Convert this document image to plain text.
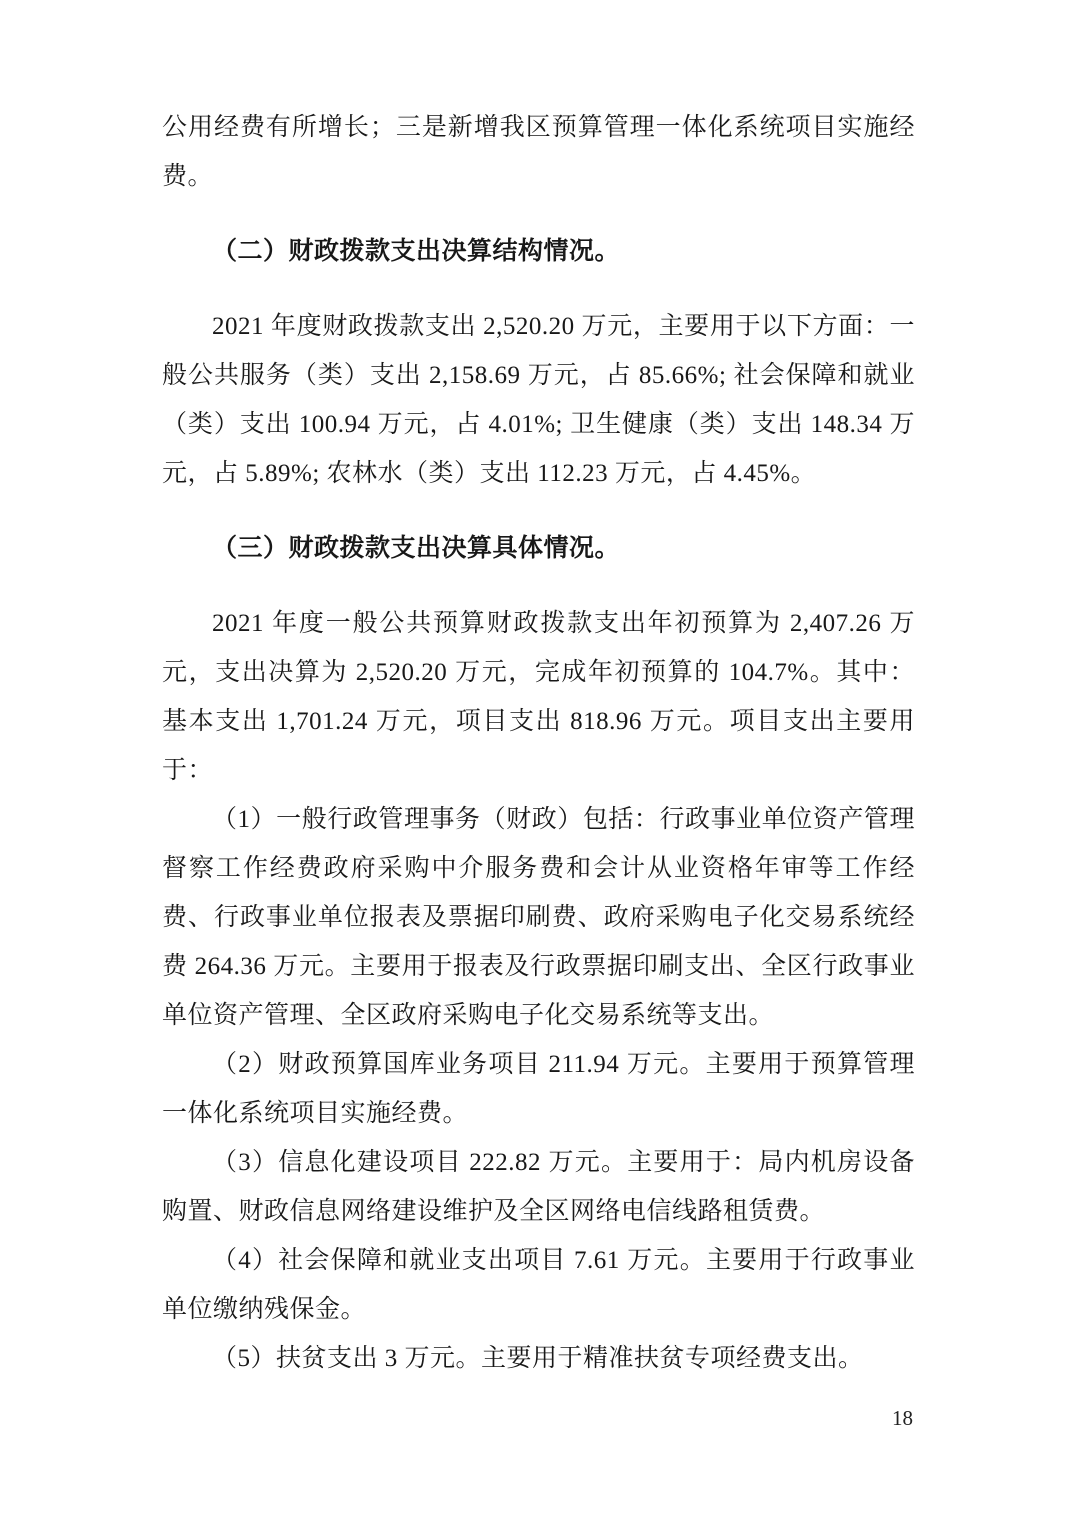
公用经费有所增长；三是新增我区预算管理一体化系统项目实施经
费。

（二）财政拨款支出决算结构情况。

2021 年度财政拨款支出 2,520.20 万元，主要用于以下方面：一
般公共服务（类）支出 2,158.69 万元，占 85.66%; 社会保障和就业
（类）支出 100.94 万元，占 4.01%; 卫生健康（类）支出 148.34 万
元，占 5.89%; 农林水（类）支出 112.23 万元，占 4.45%。

（三）财政拨款支出决算具体情况。

2021 年度一般公共预算财政拨款支出年初预算为 2,407.26 万
元，支出决算为 2,520.20 万元，完成年初预算的 104.7%。其中：
基本支出 1,701.24 万元，项目支出 818.96 万元。项目支出主要用
于：

（1）一般行政管理事务（财政）包括：行政事业单位资产管理
督察工作经费政府采购中介服务费和会计从业资格年审等工作经
费、行政事业单位报表及票据印刷费、政府采购电子化交易系统经
费 264.36 万元。主要用于报表及行政票据印刷支出、全区行政事业
单位资产管理、全区政府采购电子化交易系统等支出。

（2）财政预算国库业务项目 211.94 万元。主要用于预算管理
一体化系统项目实施经费。

（3）信息化建设项目 222.82 万元。主要用于：局内机房设备
购置、财政信息网络建设维护及全区网络电信线路租赁费。

（4）社会保障和就业支出项目 7.61 万元。主要用于行政事业
单位缴纳残保金。

（5）扶贫支出 3 万元。主要用于精准扶贫专项经费支出。

18
